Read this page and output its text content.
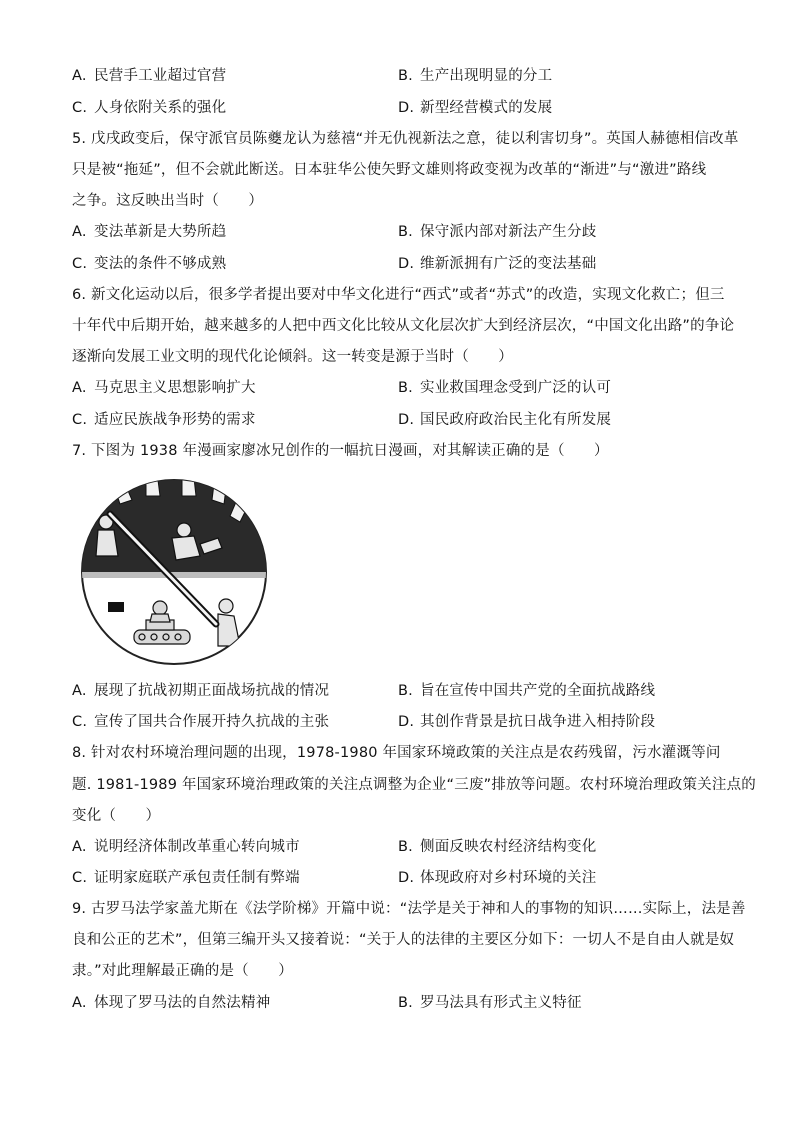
A. 民营手工业超过官营	B. 生产出现明显的分工
C. 人身依附关系的强化	D. 新型经营模式的发展
5. 戊戌政变后，保守派官员陈夔龙认为慈禧“并无仇视新法之意，徒以利害切身”。英国人赫德相信改革
只是被“拖延”，但不会就此断送。日本驻华公使矢野文雄则将政变视为改革的“渐进”与“激进”路线
之争。这反映出当时（　　）
A. 变法革新是大势所趋	B. 保守派内部对新法产生分歧
C. 变法的条件不够成熟	D. 维新派拥有广泛的变法基础
6. 新文化运动以后，很多学者提出要对中华文化进行“西式”或者“苏式”的改造，实现文化救亡；但三
十年代中后期开始，越来越多的人把中西文化比较从文化层次扩大到经济层次，“中国文化出路”的争论
逐渐向发展工业文明的现代化论倾斜。这一转变是源于当时（　　）
A. 马克思主义思想影响扩大	B. 实业救国理念受到广泛的认可
C. 适应民族战争形势的需求	D. 国民政府政治民主化有所发展
7. 下图为 1938 年漫画家廖冰兄创作的一幅抗日漫画，对其解读正确的是（　　）
A. 展现了抗战初期正面战场抗战的情况	B. 旨在宣传中国共产党的全面抗战路线
C. 宣传了国共合作展开持久抗战的主张	D. 其创作背景是抗日战争进入相持阶段
8. 针对农村环境治理问题的出现，1978-1980 年国家环境政策的关注点是农药残留，污水灌溉等问
题. 1981-1989 年国家环境治理政策的关注点调整为企业“三废”排放等问题。农村环境治理政策关注点的
变化（　　）
A. 说明经济体制改革重心转向城市	B. 侧面反映农村经济结构变化
C. 证明家庭联产承包责任制有弊端	D. 体现政府对乡村环境的关注
9. 古罗马法学家盖尤斯在《法学阶梯》开篇中说：“法学是关于神和人的事物的知识……实际上，法是善
良和公正的艺术”，但第三编开头又接着说：“关于人的法律的主要区分如下：一切人不是自由人就是奴
隶。”对此理解最正确的是（　　）
A. 体现了罗马法的自然法精神	B. 罗马法具有形式主义特征
